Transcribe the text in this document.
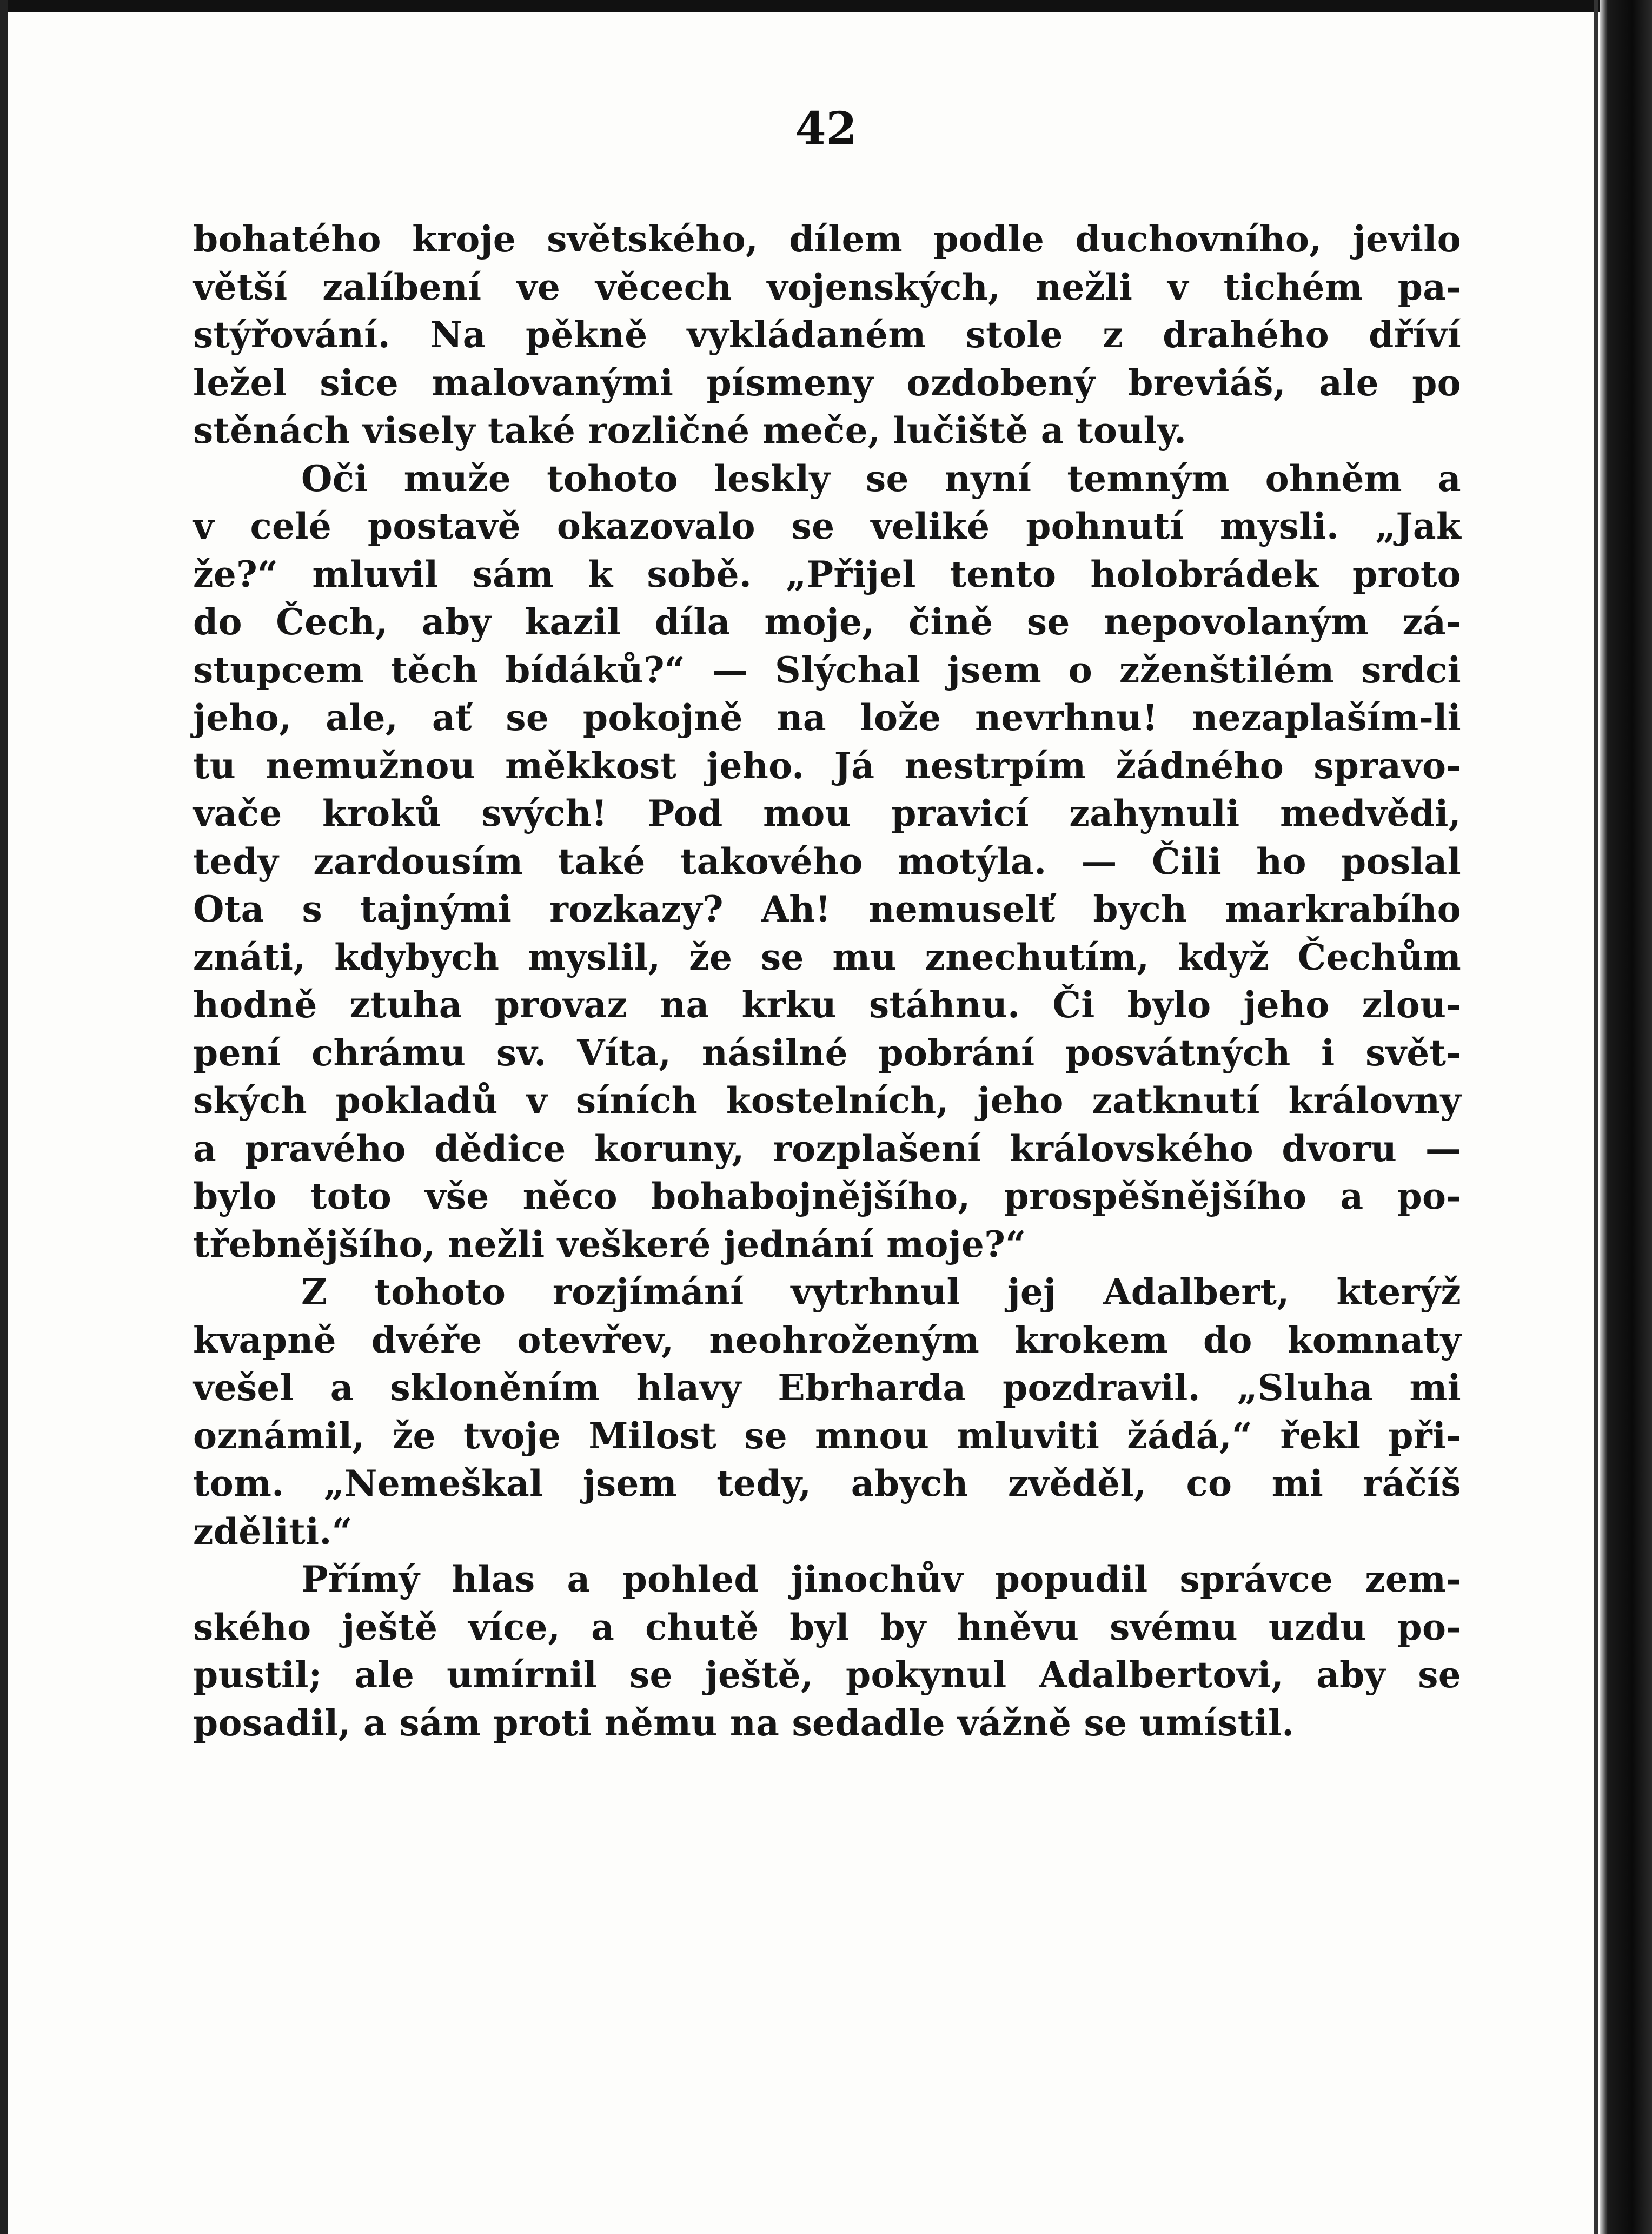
42
bohatého kroje světského, dílem podle duchovního, jevilo
větší zalíbení ve věcech vojenských, nežli v tichém pa-
stýřování. Na pěkně vykládaném stole z drahého dříví
ležel sice malovanými písmeny ozdobený breviáš, ale po
stěnách visely také rozličné meče, lučiště a touly.
Oči muže tohoto leskly se nyní temným ohněm a
v celé postavě okazovalo se veliké pohnutí mysli. „Jak
že?“ mluvil sám k sobě. „Přijel tento holobrádek proto
do Čech, aby kazil díla moje, čině se nepovolaným zá-
stupcem těch bídáků?“ — Slýchal jsem o zženštilém srdci
jeho, ale, ať se pokojně na lože nevrhnu! nezaplaším-li
tu nemužnou měkkost jeho. Já nestrpím žádného spravo-
vače kroků svých! Pod mou pravicí zahynuli medvědi,
tedy zardousím také takového motýla. — Čili ho poslal
Ota s tajnými rozkazy? Ah! nemuselť bych markrabího
znáti, kdybych myslil, že se mu znechutím, když Čechům
hodně ztuha provaz na krku stáhnu. Či bylo jeho zlou-
pení chrámu sv. Víta, násilné pobrání posvátných i svět-
ských pokladů v síních kostelních, jeho zatknutí královny
a pravého dědice koruny, rozplašení královského dvoru —
bylo toto vše něco bohabojnějšího, prospěšnějšího a po-
třebnějšího, nežli veškeré jednání moje?“
Z tohoto rozjímání vytrhnul jej Adalbert, kterýž
kvapně dvéře otevřev, neohroženým krokem do komnaty
vešel a skloněním hlavy Ebrharda pozdravil. „Sluha mi
oznámil, že tvoje Milost se mnou mluviti žádá,“ řekl při-
tom. „Nemeškal jsem tedy, abych zvěděl, co mi ráčíš
zděliti.“
Přímý hlas a pohled jinochův popudil správce zem-
ského ještě více, a chutě byl by hněvu svému uzdu po-
pustil; ale umírnil se ještě, pokynul Adalbertovi, aby se
posadil, a sám proti němu na sedadle vážně se umístil.
